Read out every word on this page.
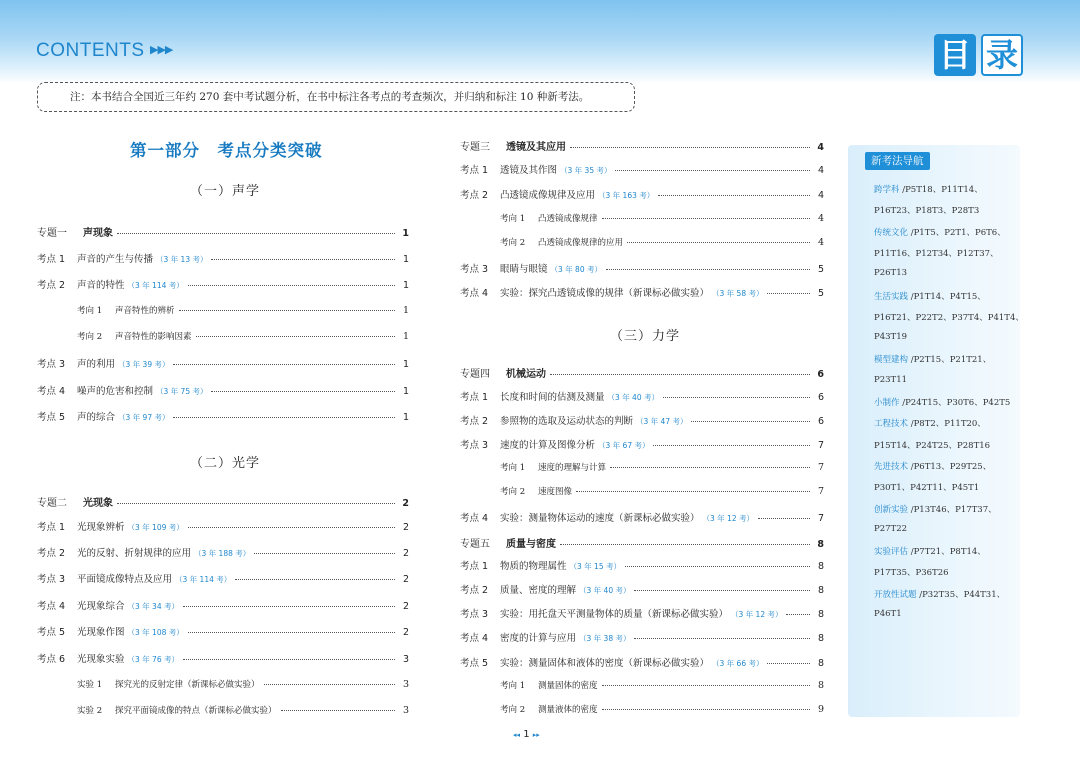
CONTENTS ▶▶▶	目 录
注：本书结合全国近三年约 270 套中考试题分析，在书中标注各考点的考查频次，并归纳和标注 10 种新考法。
第一部分　考点分类突破
（一）声学
（二）光学
（三）力学
专题一	声现象	1
考点 1	声音的产生与传播 （3 年 13 考）	1
考点 2	声音的特性 （3 年 114 考）	1
考向 1	声音特性的辨析	1
考向 2	声音特性的影响因素	1
考点 3	声的利用 （3 年 39 考）	1
考点 4	噪声的危害和控制 （3 年 75 考）	1
考点 5	声的综合 （3 年 97 考）	1
专题二	光现象	2
考点 1	光现象辨析 （3 年 109 考）	2
考点 2	光的反射、折射规律的应用 （3 年 188 考）	2
考点 3	平面镜成像特点及应用 （3 年 114 考）	2
考点 4	光现象综合 （3 年 34 考）	2
考点 5	光现象作图 （3 年 108 考）	2
考点 6	光现象实验 （3 年 76 考）	3
实验 1	探究光的反射定律（新课标必做实验）	3
实验 2	探究平面镜成像的特点（新课标必做实验）	3
专题三	透镜及其应用	4
考点 1	透镜及其作图 （3 年 35 考）	4
考点 2	凸透镜成像规律及应用 （3 年 163 考）	4
考向 1	凸透镜成像规律	4
考向 2	凸透镜成像规律的应用	4
考点 3	眼睛与眼镜 （3 年 80 考）	5
考点 4	实验：探究凸透镜成像的规律（新课标必做实验） （3 年 58 考）	5
专题四	机械运动	6
考点 1	长度和时间的估测及测量 （3 年 40 考）	6
考点 2	参照物的选取及运动状态的判断 （3 年 47 考）	6
考点 3	速度的计算及图像分析 （3 年 67 考）	7
考向 1	速度的理解与计算	7
考向 2	速度图像	7
考点 4	实验：测量物体运动的速度（新课标必做实验） （3 年 12 考）	7
专题五	质量与密度	8
考点 1	物质的物理属性 （3 年 15 考）	8
考点 2	质量、密度的理解 （3 年 40 考）	8
考点 3	实验：用托盘天平测量物体的质量（新课标必做实验） （3 年 12 考）	8
考点 4	密度的计算与应用 （3 年 38 考）	8
考点 5	实验：测量固体和液体的密度（新课标必做实验） （3 年 66 考）	8
考向 1	测量固体的密度	8
考向 2	测量液体的密度	9
新考法导航
跨学科 /P5T18、P11T14、
P16T23、P18T3、P28T3
传统文化 /P1T5、P2T1、P6T6、
P11T16、P12T34、P12T37、
P26T13
生活实践 /P1T14、P4T15、
P16T21、P22T2、P37T4、P41T4、
P43T19
模型建构 /P2T15、P21T21、
P23T11
小制作 /P24T15、P30T6、P42T5
工程技术 /P8T2、P11T20、
P15T14、P24T25、P28T16
先进技术 /P6T13、P29T25、
P30T1、P42T11、P45T1
创新实验 /P13T46、P17T37、
P27T22
实验评估 /P7T21、P8T14、
P17T35、P36T26
开放性试题 /P32T35、P44T31、
P46T1
◂◂ 1 ▸▸
